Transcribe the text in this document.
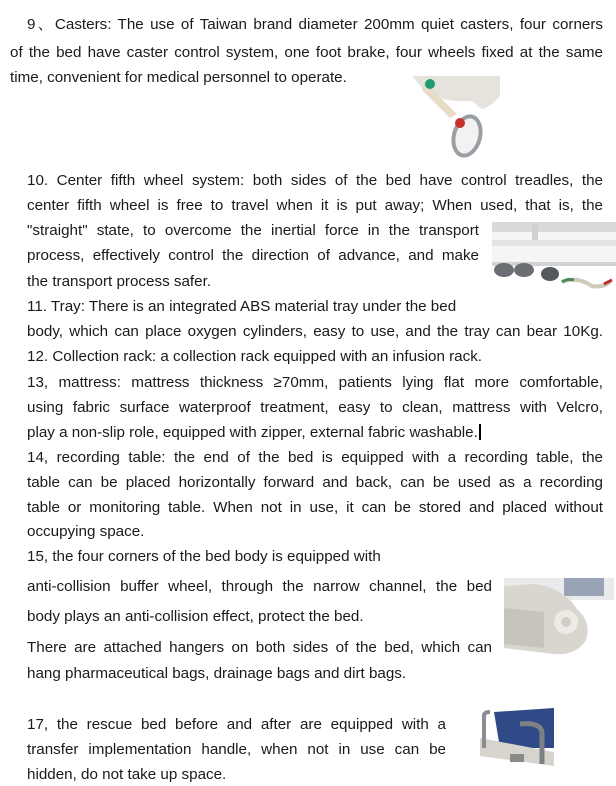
9、Casters: The use of Taiwan brand diameter 200mm quiet casters, four corners
of the bed have caster control system, one foot brake, four wheels fixed at the same
time, convenient for medical personnel to operate.
10. Center fifth wheel system: both sides of the bed have control treadles, the
center fifth wheel is free to travel when it is put away; When used, that is, the
"straight" state, to overcome the inertial force in the transport
process, effectively control the direction of advance, and make
the transport process safer.
11. Tray: There is an integrated ABS material tray under the bed
body, which can place oxygen cylinders, easy to use, and the tray can bear 10Kg.
12. Collection rack: a collection rack equipped with an infusion rack.
13, mattress: mattress thickness ≥70mm, patients lying flat more comfortable,
using fabric surface waterproof treatment, easy to clean, mattress with Velcro,
play a non-slip role, equipped with zipper, external fabric washable.
14, recording table: the end of the bed is equipped with a recording table, the
table can be placed horizontally forward and back, can be used as a recording
table or monitoring table. When not in use, it can be stored and placed without
occupying space.
15, the four corners of the bed body is equipped with
anti-collision buffer wheel, through the narrow channel, the bed
body plays an anti-collision effect, protect the bed.
There are attached hangers on both sides of the bed, which can
hang pharmaceutical bags, drainage bags and dirt bags.
17, the rescue bed before and after are equipped with a
transfer implementation handle, when not in use can be
hidden, do not take up space.
